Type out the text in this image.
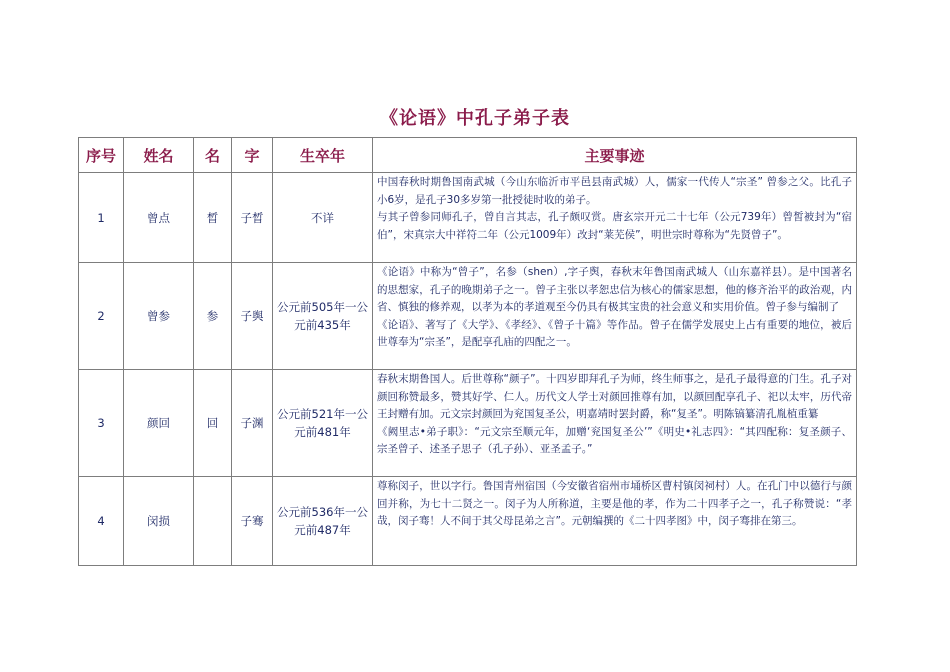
《论语》中孔子弟子表
序号	姓名	名	字	生卒年	主要事迹
1	曾点	晳	子晳	不详	中国春秋时期鲁国南武城（今山东临沂市平邑县南武城）人，儒家一代传人“宗圣” 曾参之父。比孔子小6岁，是孔子30多岁第一批授徒时收的弟子。

与其子曾参同师孔子，曾自言其志，孔子颇叹赏。唐玄宗开元二十七年（公元739年）曾皙被封为“宿伯”，宋真宗大中祥符二年（公元1009年）改封“莱芜侯”，明世宗时尊称为“先贤曾子”。

2	曾参	参	子舆	公元前505年一公元前435年	《论语》中称为“曾子”，名参（shen）,字子舆，春秋末年鲁国南武城人（山东嘉祥县）。是中国著名的思想家，孔子的晚期弟子之一。曾子主张以孝恕忠信为核心的儒家思想，他的修齐治平的政治观，内省、慎独的修养观，以孝为本的孝道观至今仍具有极其宝贵的社会意义和实用价值。曾子参与编制了

《论语》、著写了《大学》、《孝经》、《曾子十篇》等作品。曾子在儒学发展史上占有重要的地位，被后世尊奉为“宗圣”，是配享孔庙的四配之一。

3	颜回	回	子渊	公元前521年一公元前481年	春秋末期鲁国人。后世尊称“颜子”。十四岁即拜孔子为师，终生师事之，是孔子最得意的门生。孔子对颜回称赞最多，赞其好学、仁人。历代文人学士对颜回推尊有加，以颜回配享孔子、祀以太牢，历代帝王封赠有加。元文宗封颜回为兖国复圣公，明嘉靖时罢封爵，称“复圣”。明陈镐纂清孔胤植重纂

《阙里志•弟子职》：“元文宗至顺元年，加赠‘兖国复圣公’”《明史•礼志四》：“其四配称：复圣颜子、宗圣曾子、述圣子思子（孔子孙）、亚圣孟子。”

4	闵损		子骞	公元前536年一公元前487年	尊称闵子，世以字行。鲁国青州宿国（今安徽省宿州市埇桥区曹村镇闵祠村）人。在孔门中以德行与颜回并称，为七十二贤之一。闵子为人所称道，主要是他的孝，作为二十四孝子之一，孔子称赞说：“孝哉，闵子骞！人不间于其父母昆弟之言”。元朝编撰的《二十四孝图》中，闵子骞排在第三。
